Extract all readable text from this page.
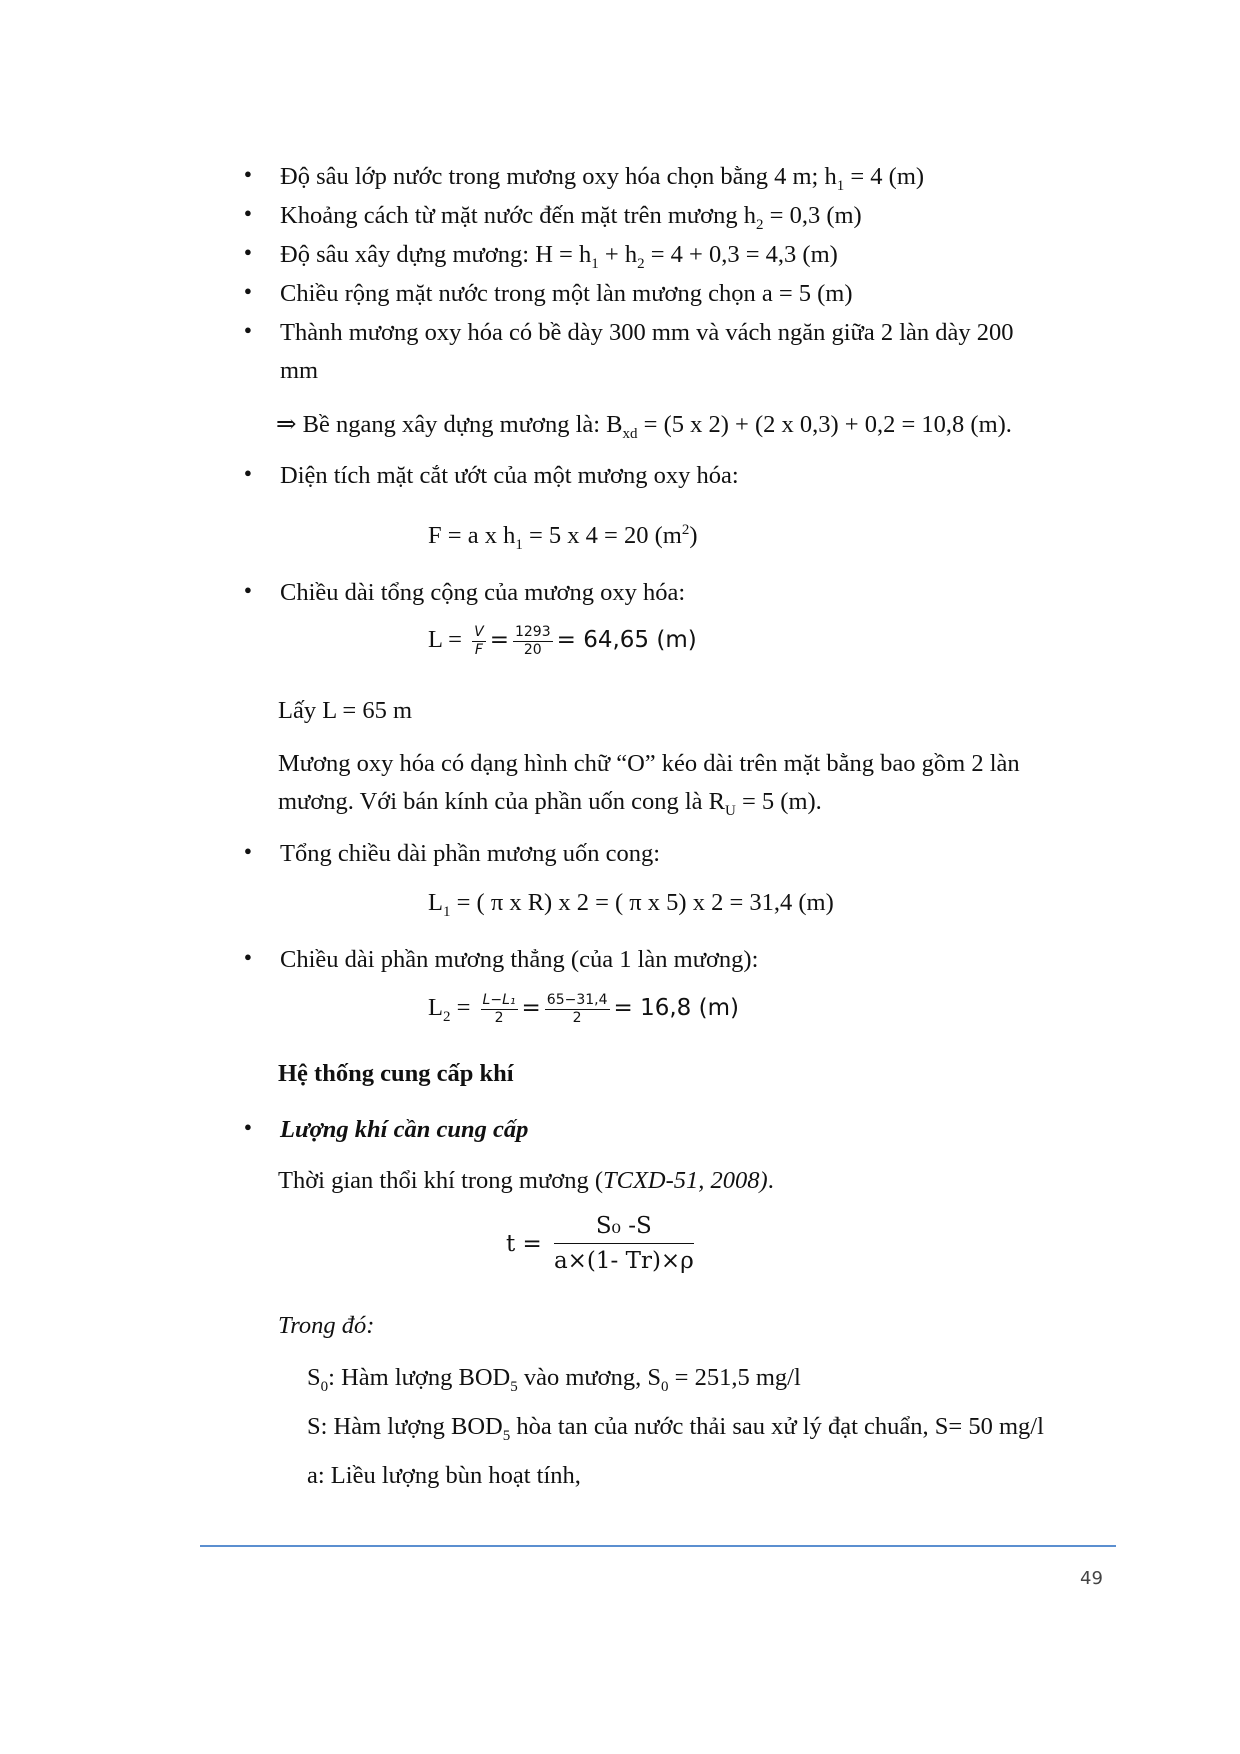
● Độ sâu lớp nước trong mương oxy hóa chọn bằng 4 m; $h_1 = 4$ (m)
● Khoảng cách từ mặt nước đến mặt trên mương $h_2 = 0,3$ (m)
● Độ sâu xây dựng mương: $H = h_1 + h_2 = 4 + 0,3 = 4,3$ (m)
● Chiều rộng mặt nước trong một làn mương chọn a = 5 (m)
● Thành mương oxy hóa có bề dày 300 mm và vách ngăn giữa 2 làn dày 200
mm
⇒ Bề ngang xây dựng mương là: $B_{xd} = (5$ x 2) + (2 x 0,3) + 0,2 = 10,8 (m).
● Diện tích mặt cắt ướt của một mương oxy hóa:
F = a x $h_1 = 5$ x 4 = 20 $(m^2)$
● Chiều dài tổng cộng của mương oxy hóa:
$L = \frac{V}{F} = \frac{1293}{20} = 64,65$ (m)
Lấy L = 65 m
Mương oxy hóa có dạng hình chữ “O” kéo dài trên mặt bằng bao gồm 2 làn
mương. Với bán kính của phần uốn cong là $R_U = 5$ (m).
● Tổng chiều dài phần mương uốn cong:
$L_1$ = ( π x R) x 2 = ( π x 5) x 2 = 31,4 (m)
● Chiều dài phần mương thẳng (của 1 làn mương):
$L_2 = \frac{\text{L−L₁}}{2} = \frac{65-31,4}{2} = 16,8$ (m)
Hệ thống cung cấp khí
● Lượng khí cần cung cấp
Thời gian thổi khí trong mương (TCXD-51, 2008).
$t = \frac{\text{S₀ -S}}{a\times(1- Tr)\times\rho}$
Trong đó:
$S_0$: Hàm lượng $BOD_5$ vào mương, $S_0 = 251,5$ mg/l
S: Hàm lượng $BOD_5$ hòa tan của nước thải sau xử lý đạt chuẩn, S= 50 mg/l
a: Liều lượng bùn hoạt tính,
49
